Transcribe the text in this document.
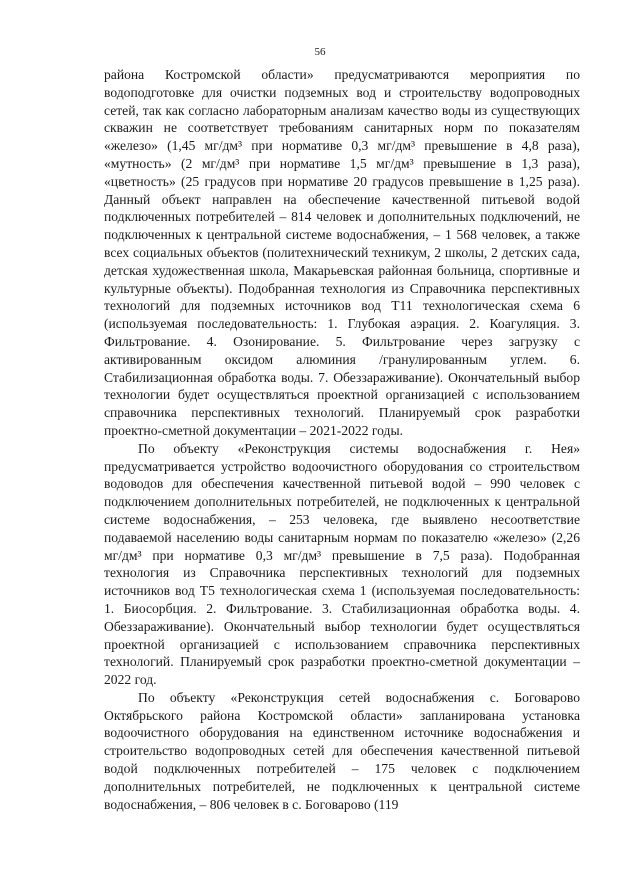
56

района Костромской области» предусматриваются мероприятия по водоподготовке для очистки подземных вод и строительству водопроводных сетей, так как согласно лабораторным анализам качество воды из существующих скважин не соответствует требованиям санитарных норм по показателям «железо» (1,45 мг/дм³ при нормативе 0,3 мг/дм³ превышение в 4,8 раза), «мутность» (2 мг/дм³ при нормативе 1,5 мг/дм³ превышение в 1,3 раза), «цветность» (25 градусов при нормативе 20 градусов превышение в 1,25 раза). Данный объект направлен на обеспечение качественной питьевой водой подключенных потребителей – 814 человек и дополнительных подключений, не подключенных к центральной системе водоснабжения, – 1 568 человек, а также всех социальных объектов (политехнический техникум, 2 школы, 2 детских сада, детская художественная школа, Макарьевская районная больница, спортивные и культурные объекты). Подобранная технология из Справочника перспективных технологий для подземных источников вод Т11 технологическая схема 6 (используемая последовательность: 1. Глубокая аэрация. 2. Коагуляция. 3. Фильтрование. 4. Озонирование. 5. Фильтрование через загрузку с активированным оксидом алюминия /гранулированным углем. 6. Стабилизационная обработка воды. 7. Обеззараживание). Окончательный выбор технологии будет осуществляться проектной организацией с использованием справочника перспективных технологий. Планируемый срок разработки проектно-сметной документации – 2021-2022 годы.

По объекту «Реконструкция системы водоснабжения г. Нея» предусматривается устройство водоочистного оборудования со строительством водоводов для обеспечения качественной питьевой водой – 990 человек с подключением дополнительных потребителей, не подключенных к центральной системе водоснабжения, – 253 человека, где выявлено несоответствие подаваемой населению воды санитарным нормам по показателю «железо» (2,26 мг/дм³ при нормативе 0,3 мг/дм³ превышение в 7,5 раза). Подобранная технология из Справочника перспективных технологий для подземных источников вод Т5 технологическая схема 1 (используемая последовательность: 1. Биосорбция. 2. Фильтрование. 3. Стабилизационная обработка воды. 4. Обеззараживание). Окончательный выбор технологии будет осуществляться проектной организацией с использованием справочника перспективных технологий. Планируемый срок разработки проектно-сметной документации – 2022 год.

По объекту «Реконструкция сетей водоснабжения с. Боговарово Октябрьского района Костромской области» запланирована установка водоочистного оборудования на единственном источнике водоснабжения и строительство водопроводных сетей для обеспечения качественной питьевой водой подключенных потребителей – 175 человек с подключением дополнительных потребителей, не подключенных к центральной системе водоснабжения, – 806 человек в с. Боговарово (119
